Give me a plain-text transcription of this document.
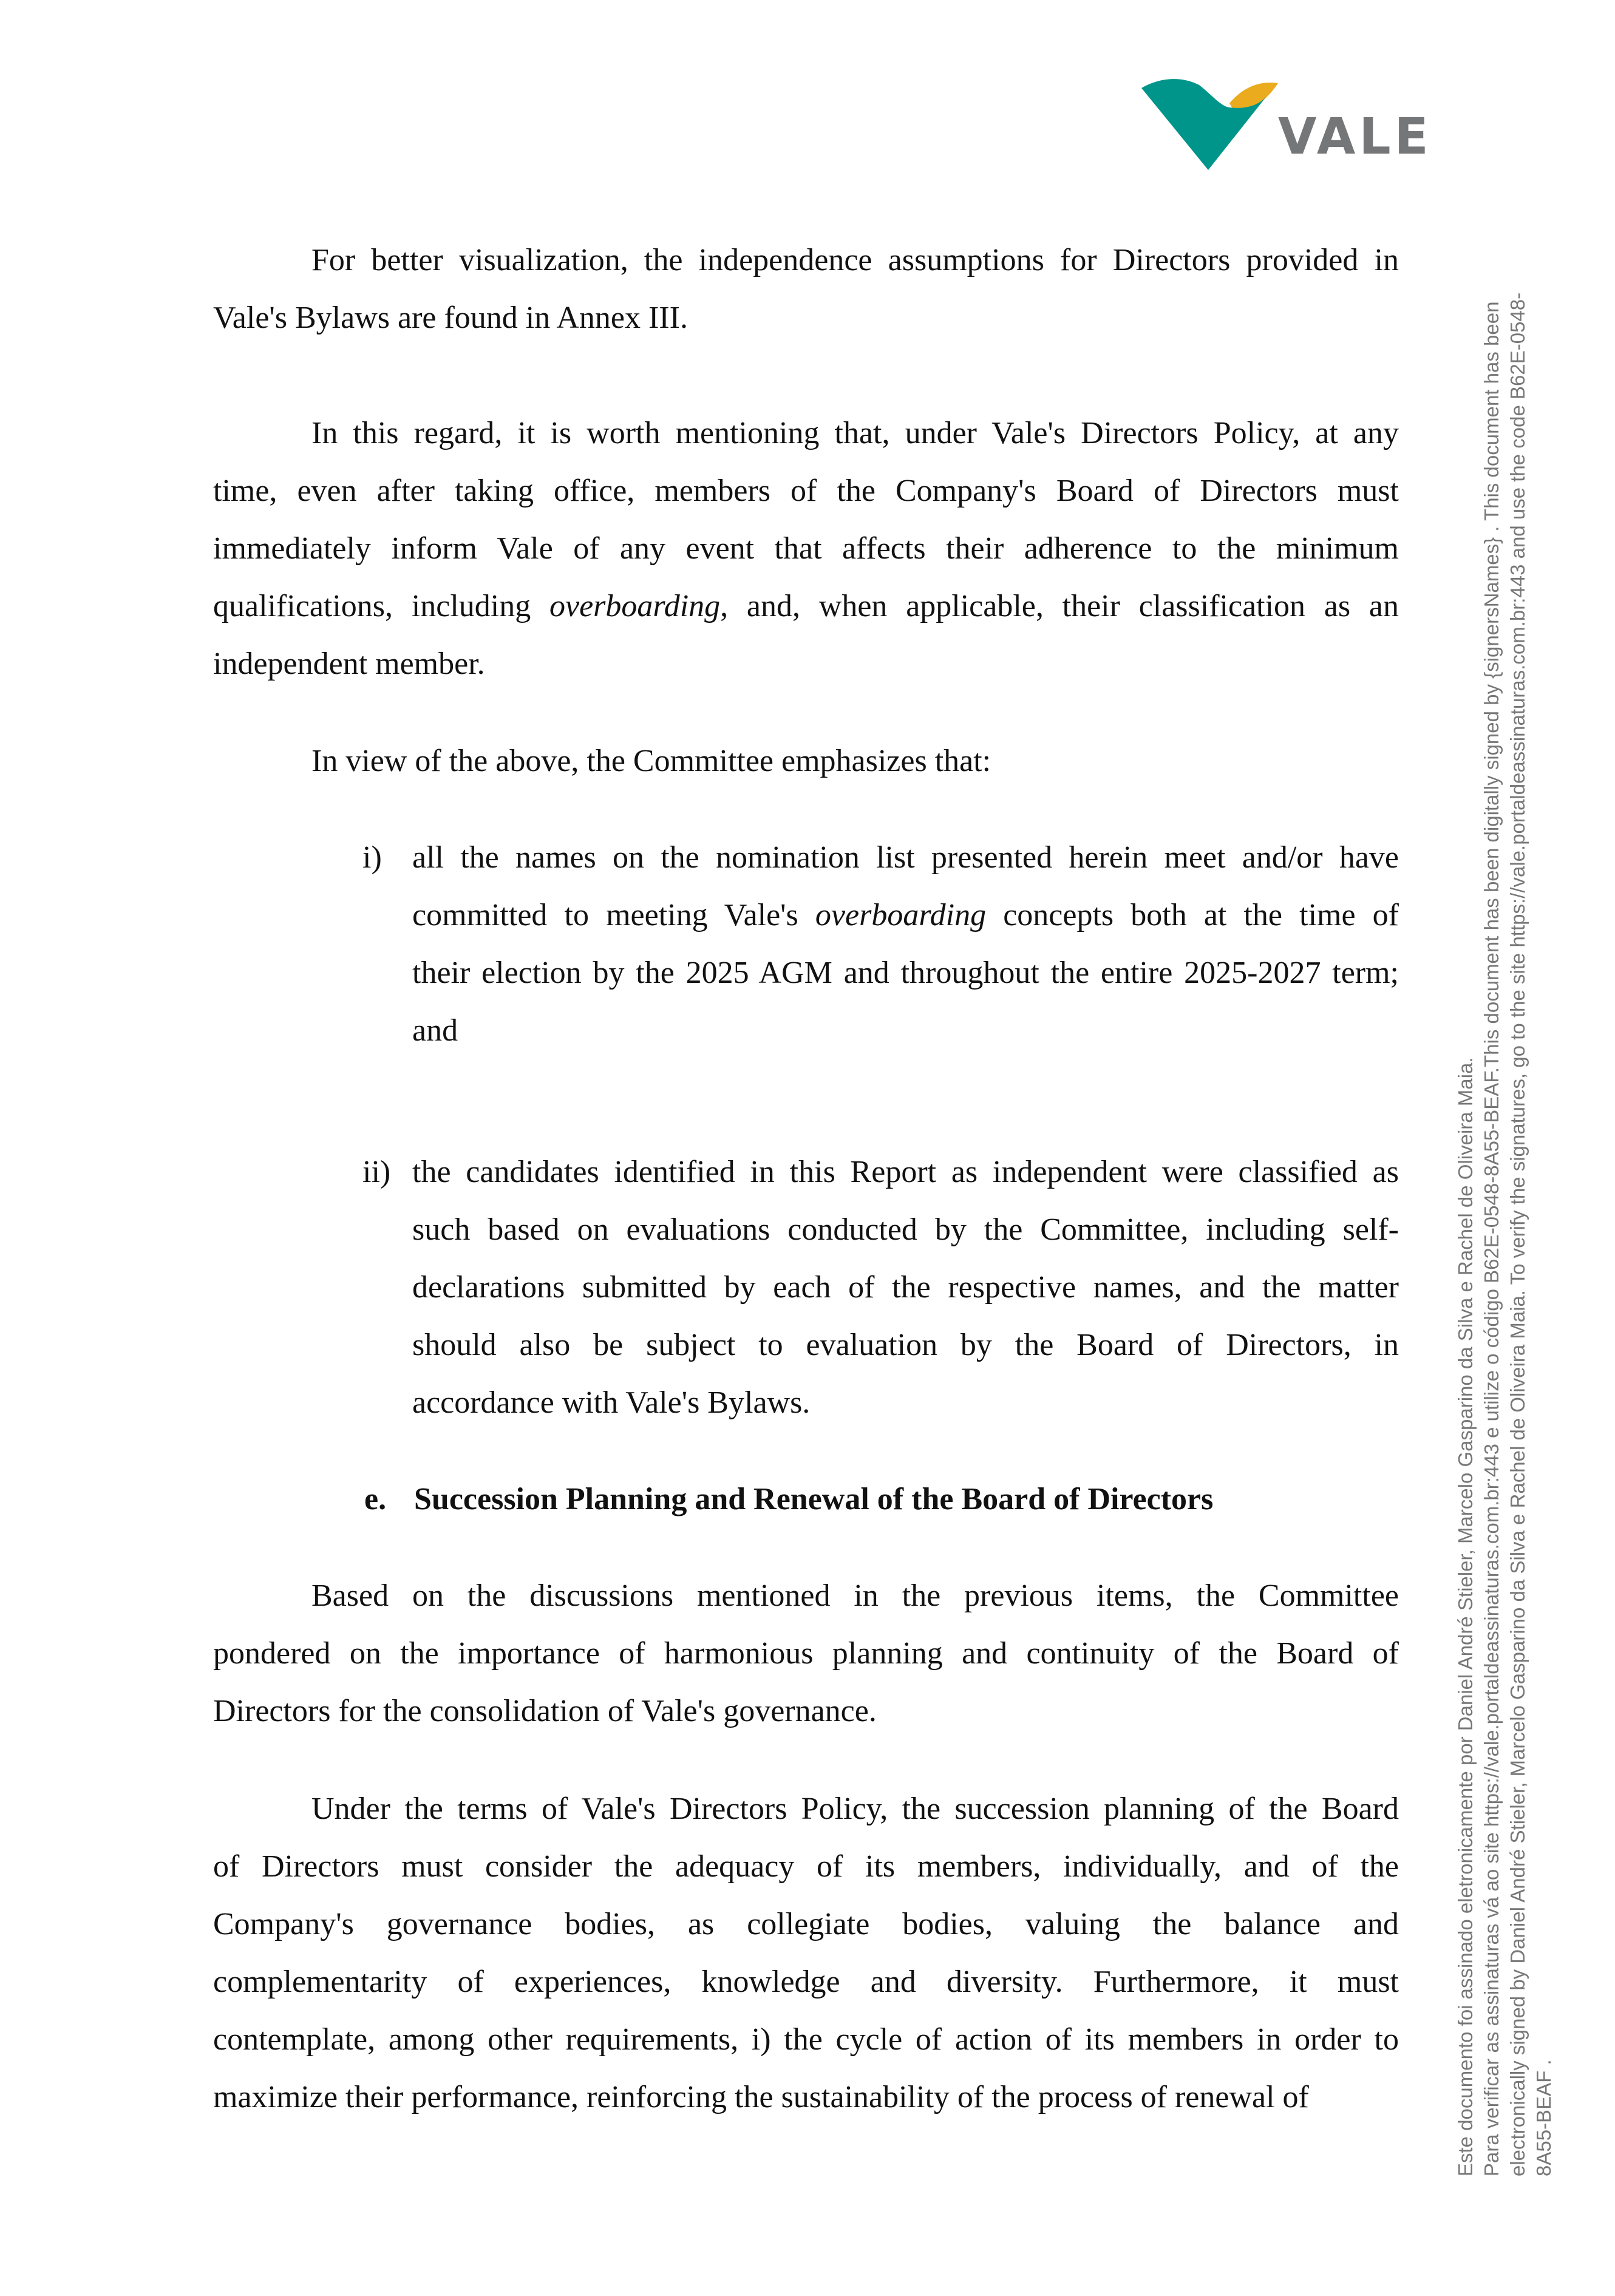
VALE
For better visualization, the independence assumptions for Directors provided in
Vale's Bylaws are found in Annex III.
In this regard, it is worth mentioning that, under Vale's Directors Policy, at any
time, even after taking office, members of the Company's Board of Directors must
immediately inform Vale of any event that affects their adherence to the minimum
qualifications, including overboarding, and, when applicable, their classification as an
independent member.
In view of the above, the Committee emphasizes that:
i) all the names on the nomination list presented herein meet and/or have
committed to meeting Vale's overboarding concepts both at the time of
their election by the 2025 AGM and throughout the entire 2025-2027 term;
and
ii) the candidates identified in this Report as independent were classified as
such based on evaluations conducted by the Committee, including self-
declarations submitted by each of the respective names, and the matter
should also be subject to evaluation by the Board of Directors, in
accordance with Vale's Bylaws.
e. Succession Planning and Renewal of the Board of Directors
Based on the discussions mentioned in the previous items, the Committee
pondered on the importance of harmonious planning and continuity of the Board of
Directors for the consolidation of Vale's governance.
Under the terms of Vale's Directors Policy, the succession planning of the Board
of Directors must consider the adequacy of its members, individually, and of the
Company's governance bodies, as collegiate bodies, valuing the balance and
complementarity of experiences, knowledge and diversity. Furthermore, it must
contemplate, among other requirements, i) the cycle of action of its members in order to
maximize their performance, reinforcing the sustainability of the process of renewal of	Este documento foi assinado eletronicamente por Daniel André Stieler, Marcelo Gasparino da Silva e Rachel de Oliveira Maia. Para verificar as assinaturas vá ao site https://vale.portaldeassinaturas.com.br:443 e utilize o código B62E-0548-8A55-BEAF.This document has been digitally signed by {signersNames} . This document has been electronically signed by Daniel André Stieler, Marcelo Gasparino da Silva e Rachel de Oliveira Maia. To verify the signatures, go to the site https://vale.portaldeassinaturas.com.br:443 and use the code B62E-0548- 8A55-BEAF .
